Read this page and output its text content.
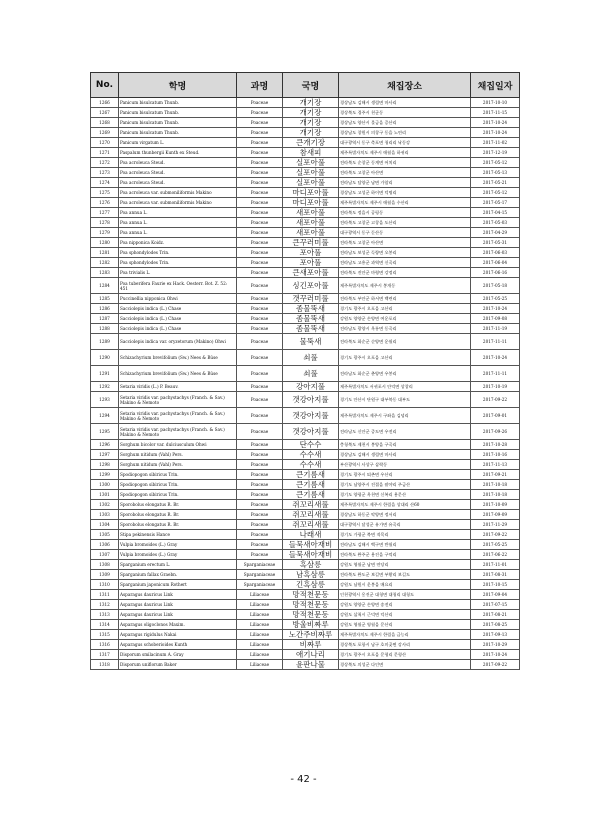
No.	학명	과명	국명	채집장소	채집일자
1266	Panicum bisulcatum Thunb.	Poaceae	개기장	경상남도 김해시 생림면 마사리	2017-10-10
1267	Panicum bisulcatum Thunb.	Poaceae	개기장	경상북도 경주시 천군동	2017-11-15
1268	Panicum bisulcatum Thunb.	Poaceae	개기장	경상남도 양산시 물금읍 증산리	2017-10-24
1269	Panicum bisulcatum Thunb.	Poaceae	개기장	경상남도 창원시 의창구 동읍 노연리	2017-10-24
1270	Panicum virgatum L.	Poaceae	큰개기장	대구광역시 동구 측포면 청리리 낙동강	2017-11-02
1271	Paspalum thunbergii Kunth ex Steud.	Poaceae	참새피	제주특별자치도 제주시 애월읍 하귀리	2017-12-19
1272	Poa acroleuca Steud.	Poaceae	실포아풀	전라북도 순창군 동계면 어치리	2017-05-12
1273	Poa acroleuca Steud.	Poaceae	실포아풀	전라북도 고창군 아산면	2017-05-13
1274	Poa acroleuca Steud.	Poaceae	실포아풀	전라남도 담양군 남면 가암리	2017-05-21
1275	Poa acroleuca var. submoniliformis Makino	Poaceae	마디포아풀	경상남도 고성군 하이면 덕명리	2017-05-12
1276	Poa acroleuca var. submoniliformis Makino	Poaceae	마디포아풀	제주특별자치도 제주시 애월읍 수산리	2017-05-17
1277	Poa annua L.	Poaceae	새포아풀	전라북도 정읍시 공평동	2017-04-15
1278	Poa annua L.	Poaceae	새포아풀	전라북도 고창군 고창읍 도산리	2017-05-03
1279	Poa annua L.	Poaceae	새포아풀	대구광역시 동구 둔산동	2017-04-29
1280	Poa nipponica Koidz.	Poaceae	큰꾸러미풀	전라북도 고창군 아산면	2017-05-31
1281	Poa sphondylodes Trin.	Poaceae	포아풀	전라남도 보성군 득량면 오봉리	2017-06-03
1282	Poa sphondylodes Trin.	Poaceae	포아풀	전라남도 고흥군 과역면 신곡리	2017-06-04
1283	Poa trivialis L.	Poaceae	큰새포아풀	전라북도 진안군 마령면 강정리	2017-06-16
1284	Poa tuberifera Faurie ex Hack. Oesterr. Bot. Z. 52: 451	Poaceae	싱긴포아풀	제주특별자치도 제주시 봉개동	2017-05-18
1285	Puccinellia nipponica Ohwi	Poaceae	갯꾸러미풀	전라북도 부안군 하서면 백련리	2017-05-25
1286	Sacciolepis indica (L.) Chase	Poaceae	좀물뚝새	경기도 광주시 오포읍 고산리	2017-10-24
1287	Sacciolepis indica (L.) Chase	Poaceae	좀물뚝새	강원도 양양군 손양면 여운포리	2017-09-08
1288	Sacciolepis indica (L.) Chase	Poaceae	좀물뚝새	전라남도 광양시 옥룡면 동곡리	2017-11-19
1289	Sacciolepis indica var. oryzetorum (Makino) Ohwi	Poaceae	물뚝새	전라북도 화순군 순양면 운월리	2017-11-11
1290	Schizachyrium brevifolium (Sw.) Nees & Büse	Poaceae	쇠풀	경기도 광주시 오포읍 고산리	2017-10-24
1291	Schizachyrium brevifolium (Sw.) Nees & Büse	Poaceae	쇠풀	전라남도 화순군 춘양면 우봉리	2017-11-11
1292	Setaria viridis (L.) P. Beauv.	Poaceae	강아지풀	제주특별자치도 서귀포시 안덕면 상창리	2017-10-19
1293	Setaria viridis var. pachystachys (Franch. & Sav.) Makino & Nemoto	Poaceae	갯강아지풀	경기도 안산시 단원구 대부북동 대부도	2017-09-22
1294	Setaria viridis var. pachystachys (Franch. & Sav.) Makino & Nemoto	Poaceae	갯강아지풀	제주특별자치도 제주시 구좌읍 김녕리	2017-09-01
1295	Setaria viridis var. pachystachys (Franch. & Sav.) Makino & Nemoto	Poaceae	갯강아지풀	전라남도 신안군 증도면 우전리	2017-09-26
1296	Sorghum bicolor var. dulciusculum Ohwi	Poaceae	단수수	충청북도 제천시 봉양읍 구곡리	2017-10-28
1297	Sorghum nitidum (Vahl) Pers.	Poaceae	수수새	경상남도 김해시 생림면 마사리	2017-10-16
1298	Sorghum nitidum (Vahl) Pers.	Poaceae	수수새	부산광역시 사상구 삼락동	2017-11-13
1299	Spodiopogon sibiricus Trin.	Poaceae	큰기름새	경기도 광주시 퇴촌면 우산리	2017-09-21
1300	Spodiopogon sibiricus Trin.	Poaceae	큰기름새	경기도 남양주시 진접읍 팔야리 주금산	2017-10-18
1301	Spodiopogon sibiricus Trin.	Poaceae	큰기름새	경기도 양평군 옥천면 신복리 용문산	2017-10-18
1302	Sporobolus elongatus R. Br.	Poaceae	쥐꼬리새풀	제주특별자치도 제주시 한림읍 상대리 산60	2017-10-09
1303	Sporobolus elongatus R. Br.	Poaceae	쥐꼬리새풀	경상남도 하동군 악양면 정서리	2017-09-09
1304	Sporobolus elongatus R. Br.	Poaceae	쥐꼬리새풀	대구광역시 달성군 유가면 유곡리	2017-11-29
1305	Stipa pekinensis Hance	Poaceae	나래새	경기도 가평군 북면 적목리	2017-09-22
1306	Vulpia bromoides (L.) Gray	Poaceae	들묵새아재비	전라남도 김해시 백구면 반월리	2017-05-25
1307	Vulpia bromoides (L.) Gray	Poaceae	들묵새아재비	전라북도 완주군 용진읍 구억리	2017-06-22
1308	Sparganium erectum L.	Sparganiaceae	흑삼릉	강원도 영월군 남면 연당리	2017-11-01
1309	Sparganium fallax Graebn.	Sparganiaceae	남흑삼릉	전라북도 완도군 보길면 부황리 보길도	2017-08-31
1310	Sparganium japonicum Rothert	Sparganiaceae	긴흑삼릉	강원도 남원시 운봉읍 매요리	2017-10-15
1311	Asparagus dauricus Link	Liliaceae	망적천문동	인천광역시 옹진군 대청면 대청리 대청도	2017-09-04
1312	Asparagus dauricus Link	Liliaceae	망적천문동	강원도 양양군 손양면 송전리	2017-07-15
1313	Asparagus dauricus Link	Liliaceae	망적천문동	강원도 삼척시 근덕면 덕산리	2017-08-21
1314	Asparagus oligoclonos Maxim.	Liliaceae	방울비짜루	강원도 영월군 영월읍 문산리	2017-08-25
1315	Asparagus rigidulus Nakai	Liliaceae	노간주비짜루	제주특별자치도 제주시 한림읍 금능리	2017-09-13
1316	Asparagus schoberioides Kunth	Liliaceae	비짜루	경상북도 포항시 남구 호미곶면 강사리	2017-10-29
1317	Disporum smilacinum A. Gray	Liliaceae	애기나리	경기도 광주시 오포읍 문형리 문형산	2017-10-24
1318	Disporum uniflorum Baker	Liliaceae	윤판나물	경상북도 의성군 다인면	2017-09-22
- 42 -
